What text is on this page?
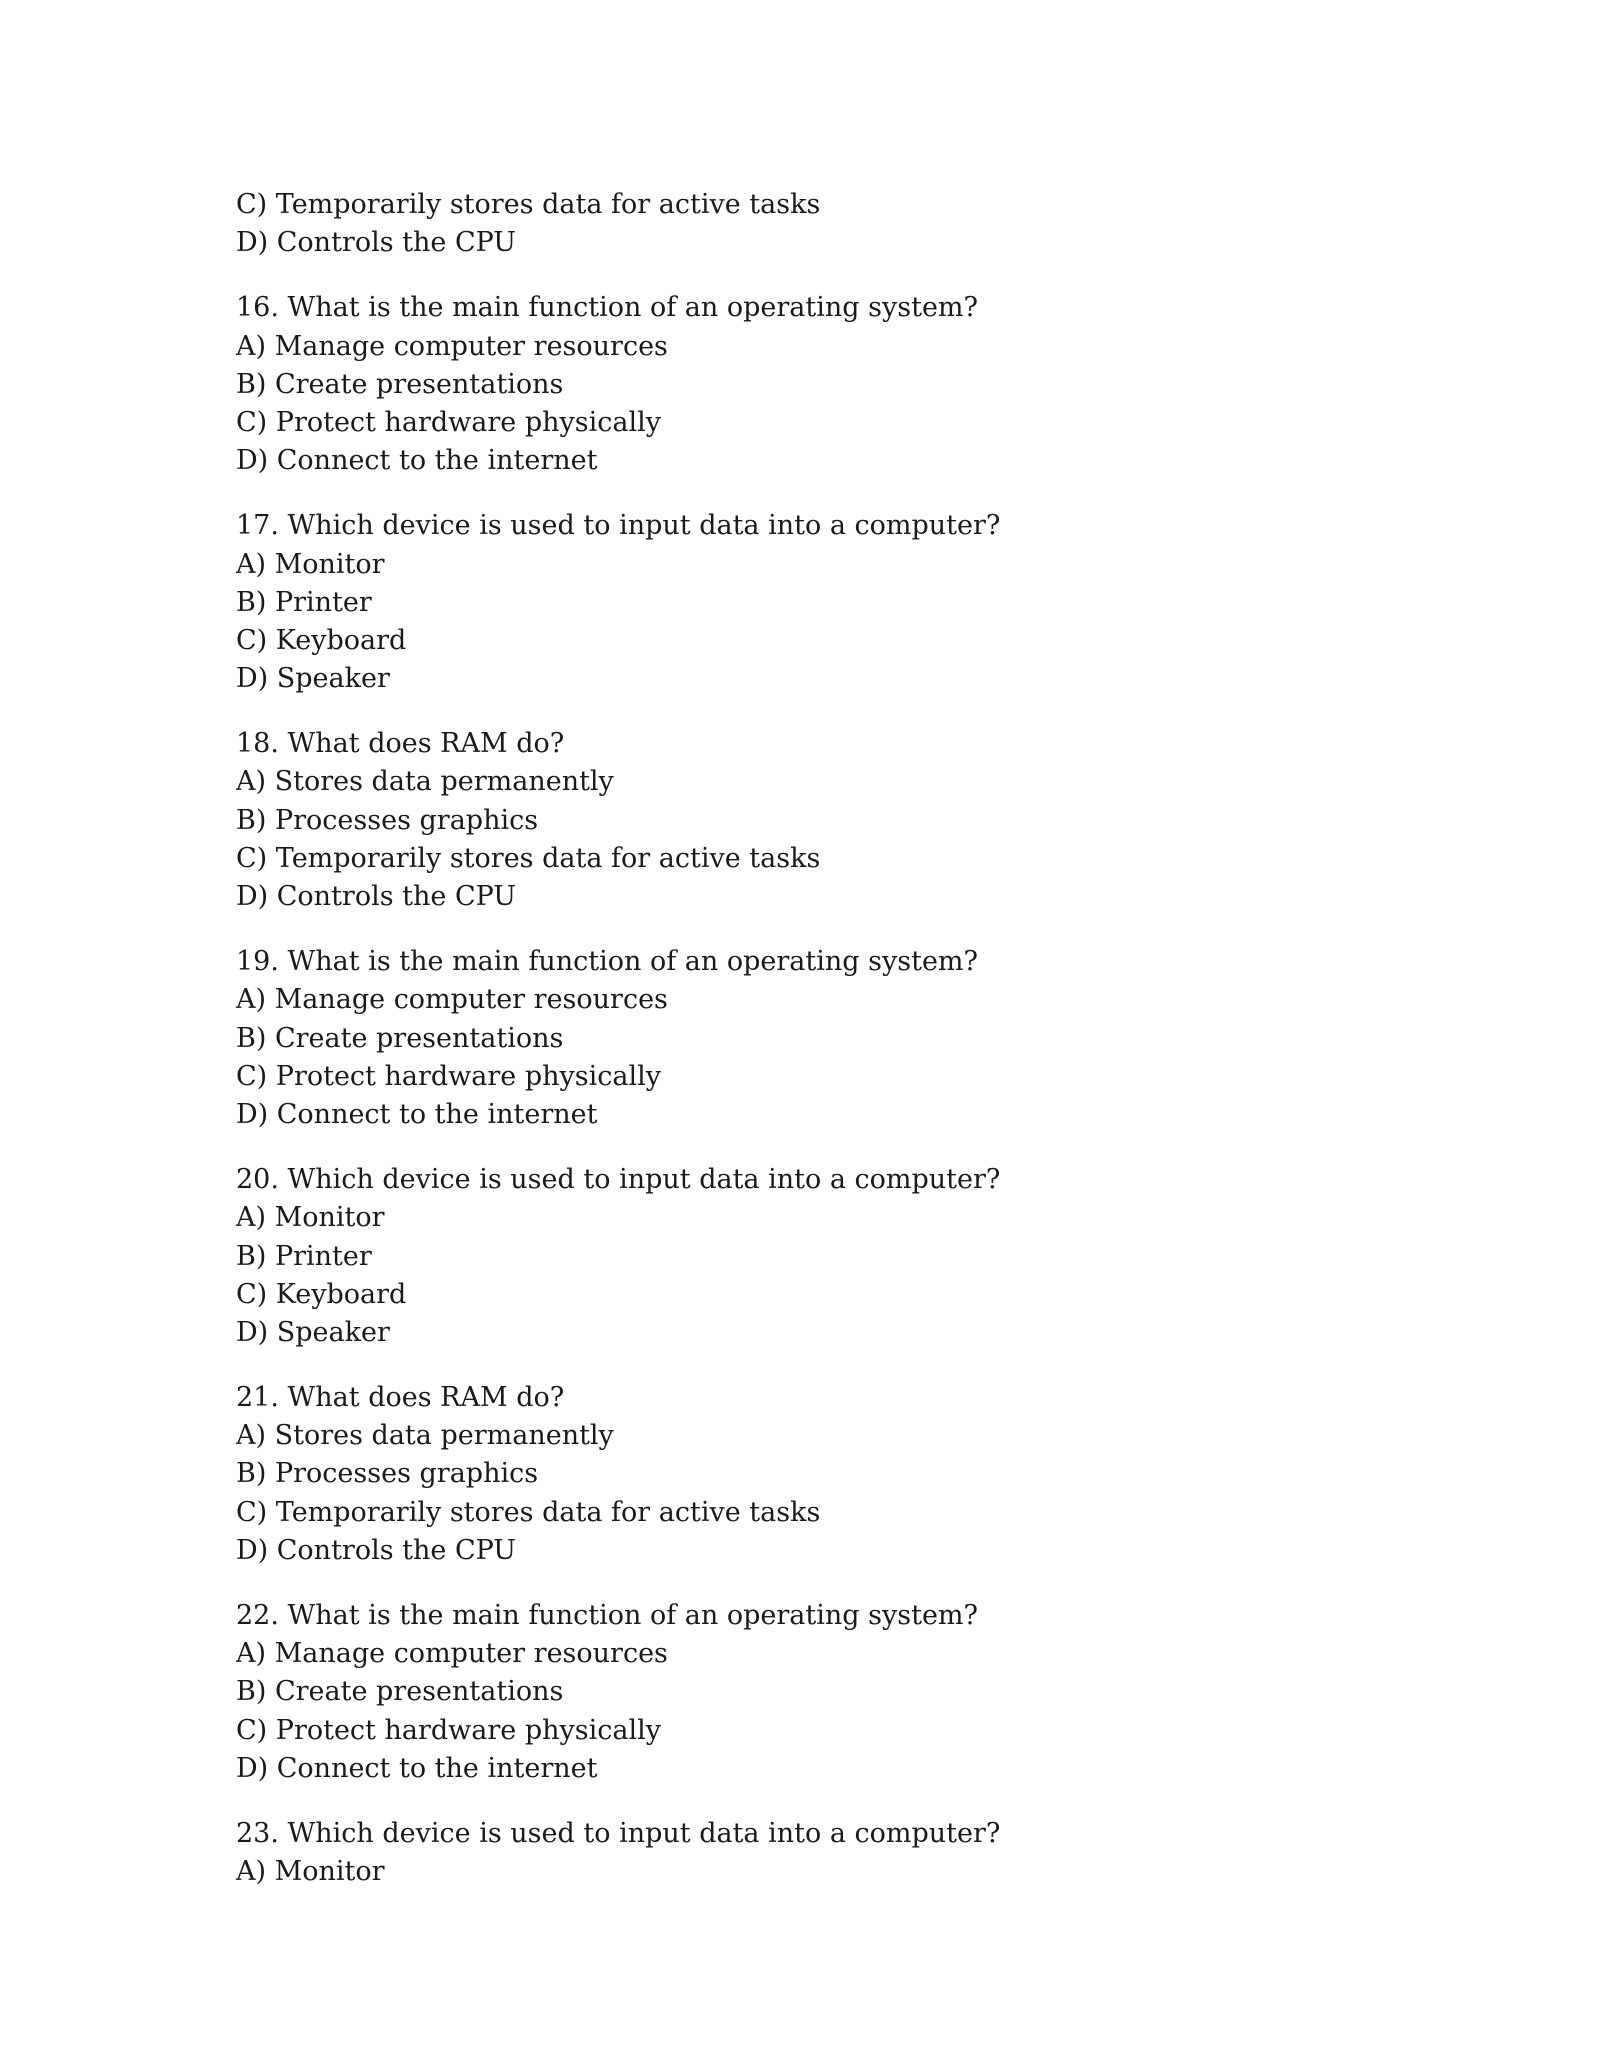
C) Temporarily stores data for active tasks
D) Controls the CPU
16. What is the main function of an operating system?
A) Manage computer resources
B) Create presentations
C) Protect hardware physically
D) Connect to the internet
17. Which device is used to input data into a computer?
A) Monitor
B) Printer
C) Keyboard
D) Speaker
18. What does RAM do?
A) Stores data permanently
B) Processes graphics
C) Temporarily stores data for active tasks
D) Controls the CPU
19. What is the main function of an operating system?
A) Manage computer resources
B) Create presentations
C) Protect hardware physically
D) Connect to the internet
20. Which device is used to input data into a computer?
A) Monitor
B) Printer
C) Keyboard
D) Speaker
21. What does RAM do?
A) Stores data permanently
B) Processes graphics
C) Temporarily stores data for active tasks
D) Controls the CPU
22. What is the main function of an operating system?
A) Manage computer resources
B) Create presentations
C) Protect hardware physically
D) Connect to the internet
23. Which device is used to input data into a computer?
A) Monitor
